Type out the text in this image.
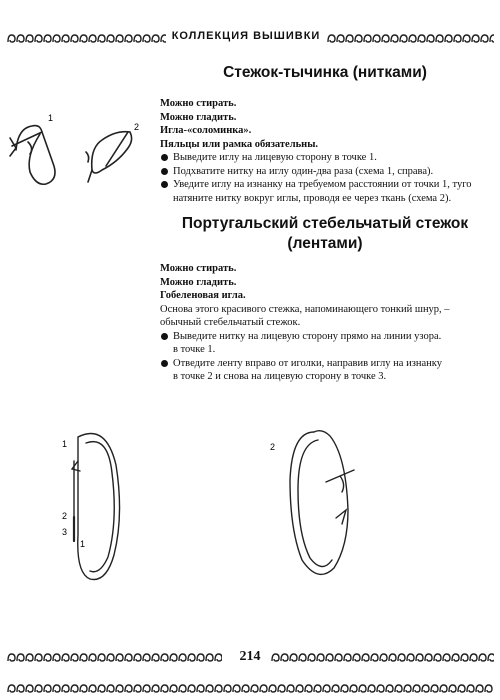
КОЛЛЕКЦИЯ ВЫШИВКИ
Стежок-тычинка (нитками)
Можно стирать.
Можно гладить.
Игла-«соломинка».
Пяльцы или рамка обязательны.
Выведите иглу на лицевую сторону в точке 1.
Подхватите нитку на иглу один-два раза (схема 1, справа).
Уведите иглу на изнанку на требуемом расстоянии от точки 1, туго
натяните нитку вокруг иглы, проводя ее через ткань (схема 2).
1
2
Португальский стебельчатый стежок
(лентами)
Можно стирать.
Можно гладить.
Гобеленовая игла.
Основа этого красивого стежка, напоминающего тонкий шнур, –
обычный стебельчатый стежок.
Выведите нитку на лицевую сторону прямо на линии узора.
в точке 1.
Отведите ленту вправо от иголки, направив иглу на изнанку
в точке 2 и снова на лицевую сторону в точке 3.
1
2
3
1
2
214
